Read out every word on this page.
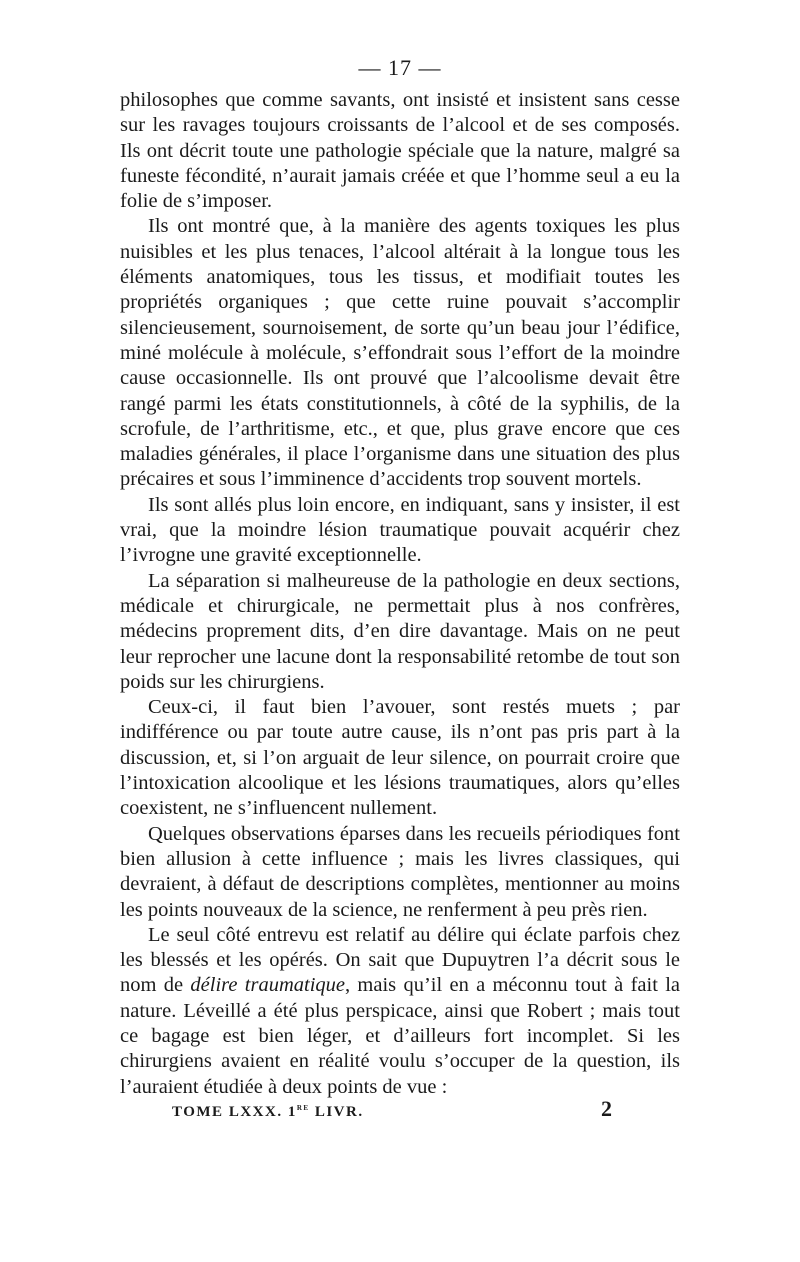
— 17 —

philosophes que comme savants, ont insisté et insistent sans cesse sur les ravages toujours croissants de l’alcool et de ses composés. Ils ont décrit toute une pathologie spéciale que la nature, malgré sa funeste fécondité, n’aurait jamais créée et que l’homme seul a eu la folie de s’imposer.

Ils ont montré que, à la manière des agents toxiques les plus nuisibles et les plus tenaces, l’alcool altérait à la longue tous les éléments anatomiques, tous les tissus, et modifiait toutes les propriétés organiques ; que cette ruine pouvait s’accomplir silencieusement, sournoisement, de sorte qu’un beau jour l’édifice, miné molécule à molécule, s’effondrait sous l’effort de la moindre cause occasionnelle. Ils ont prouvé que l’alcoolisme devait être rangé parmi les états constitutionnels, à côté de la syphilis, de la scrofule, de l’arthritisme, etc., et que, plus grave encore que ces maladies générales, il place l’organisme dans une situation des plus précaires et sous l’imminence d’accidents trop souvent mortels.

Ils sont allés plus loin encore, en indiquant, sans y insister, il est vrai, que la moindre lésion traumatique pouvait acquérir chez l’ivrogne une gravité exceptionnelle.

La séparation si malheureuse de la pathologie en deux sections, médicale et chirurgicale, ne permettait plus à nos confrères, médecins proprement dits, d’en dire davantage. Mais on ne peut leur reprocher une lacune dont la responsabilité retombe de tout son poids sur les chirurgiens.

Ceux-ci, il faut bien l’avouer, sont restés muets ; par indifférence ou par toute autre cause, ils n’ont pas pris part à la discussion, et, si l’on arguait de leur silence, on pourrait croire que l’intoxication alcoolique et les lésions traumatiques, alors qu’elles coexistent, ne s’influencent nullement.

Quelques observations éparses dans les recueils périodiques font bien allusion à cette influence ; mais les livres classiques, qui devraient, à défaut de descriptions complètes, mentionner au moins les points nouveaux de la science, ne renferment à peu près rien.

Le seul côté entrevu est relatif au délire qui éclate parfois chez les blessés et les opérés. On sait que Dupuytren l’a décrit sous le nom de délire traumatique, mais qu’il en a méconnu tout à fait la nature. Léveillé a été plus perspicace, ainsi que Robert ; mais tout ce bagage est bien léger, et d’ailleurs fort incomplet. Si les chirurgiens avaient en réalité voulu s’occuper de la question, ils l’auraient étudiée à deux points de vue :

TOME LXXX. 1re LIVR.	2
